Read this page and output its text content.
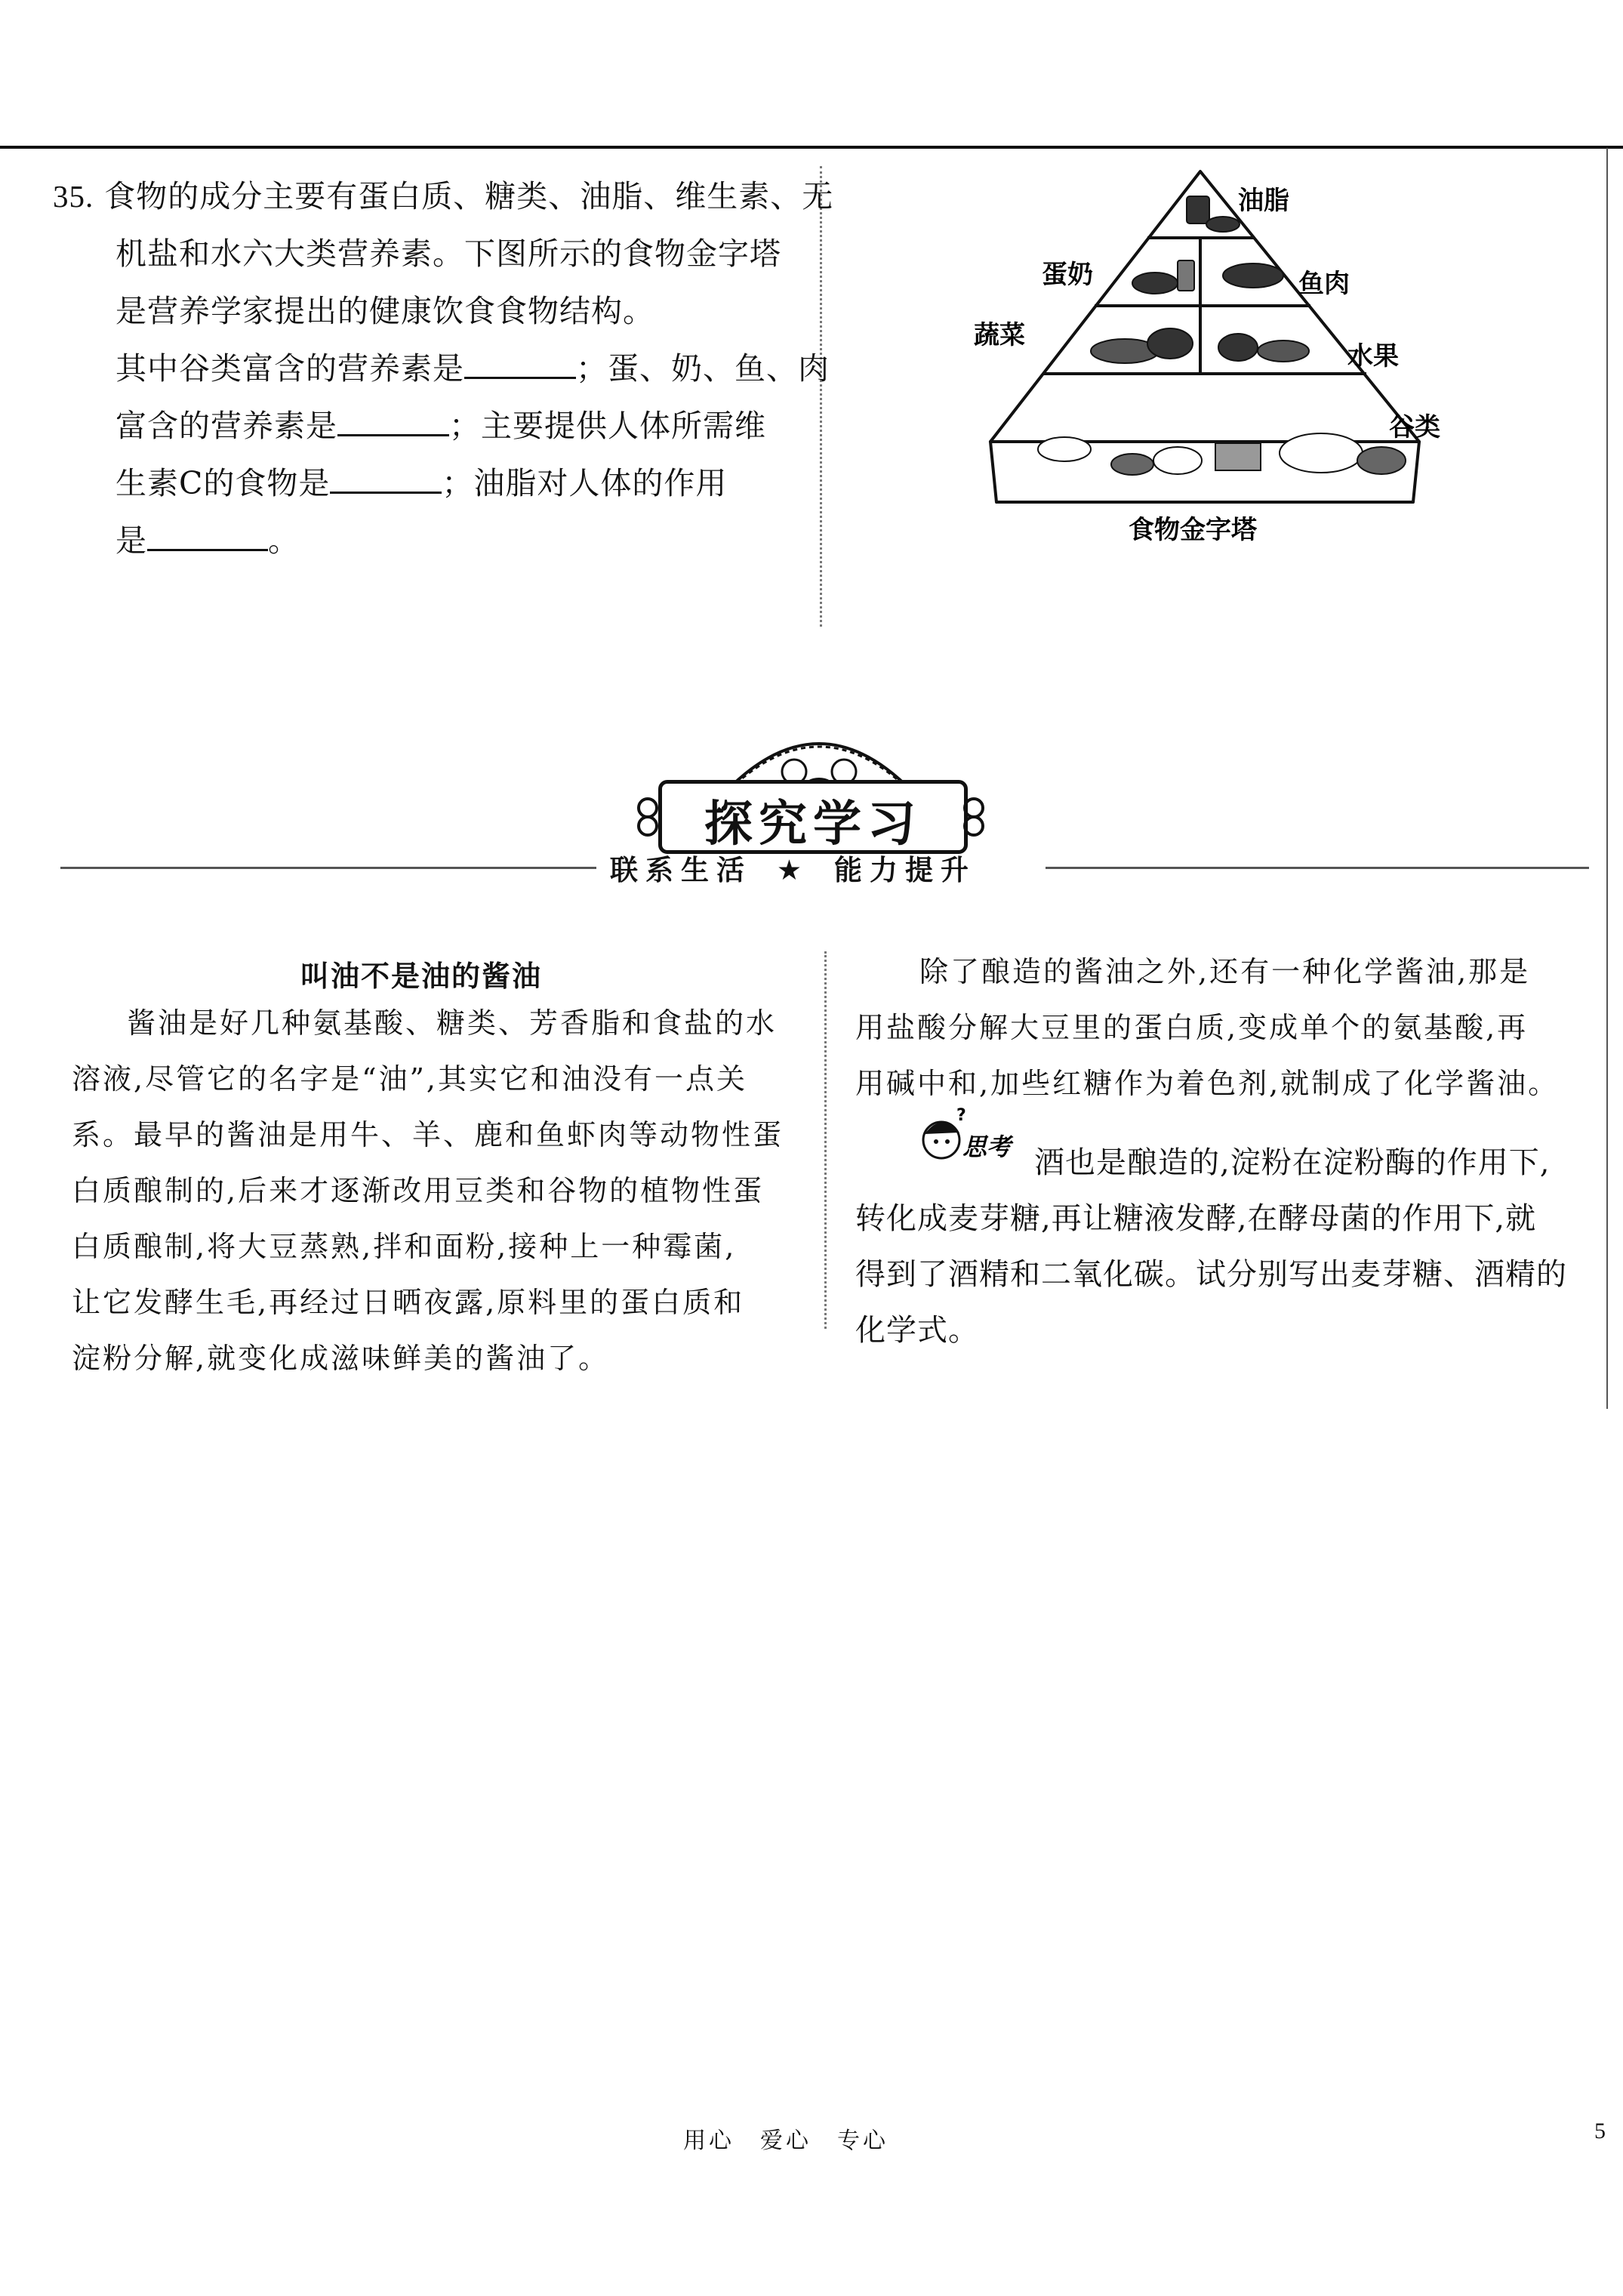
35. 食物的成分主要有蛋白质、糖类、油脂、维生素、无
机盐和水六大类营养素。下图所示的食物金字塔
是营养学家提出的健康饮食食物结构。
其中谷类富含的营养素是	；蛋、奶、鱼、肉
富含的营养素是	；主要提供人体所需维
生素C的食物是	；油脂对人体的作用
是	。
油脂
蛋奶	鱼肉
蔬菜
水果
谷类
食物金字塔
探究学习
联系生活 ★ 能力提升
叫油不是油的酱油
酱油是好几种氨基酸、糖类、芳香脂和食盐的水
溶液,尽管它的名字是“油”,其实它和油没有一点关
系。最早的酱油是用牛、羊、鹿和鱼虾肉等动物性蛋
白质酿制的,后来才逐渐改用豆类和谷物的植物性蛋
白质酿制,将大豆蒸熟,拌和面粉,接种上一种霉菌,
让它发酵生毛,再经过日晒夜露,原料里的蛋白质和
淀粉分解,就变化成滋味鲜美的酱油了。
除了酿造的酱油之外,还有一种化学酱油,那是
用盐酸分解大豆里的蛋白质,变成单个的氨基酸,再
用碱中和,加些红糖作为着色剂,就制成了化学酱油。
?
思考 酒也是酿造的,淀粉在淀粉酶的作用下,
转化成麦芽糖,再让糖液发酵,在酵母菌的作用下,就
得到了酒精和二氧化碳。试分别写出麦芽糖、酒精的
化学式。
用心　爱心　专心	5
